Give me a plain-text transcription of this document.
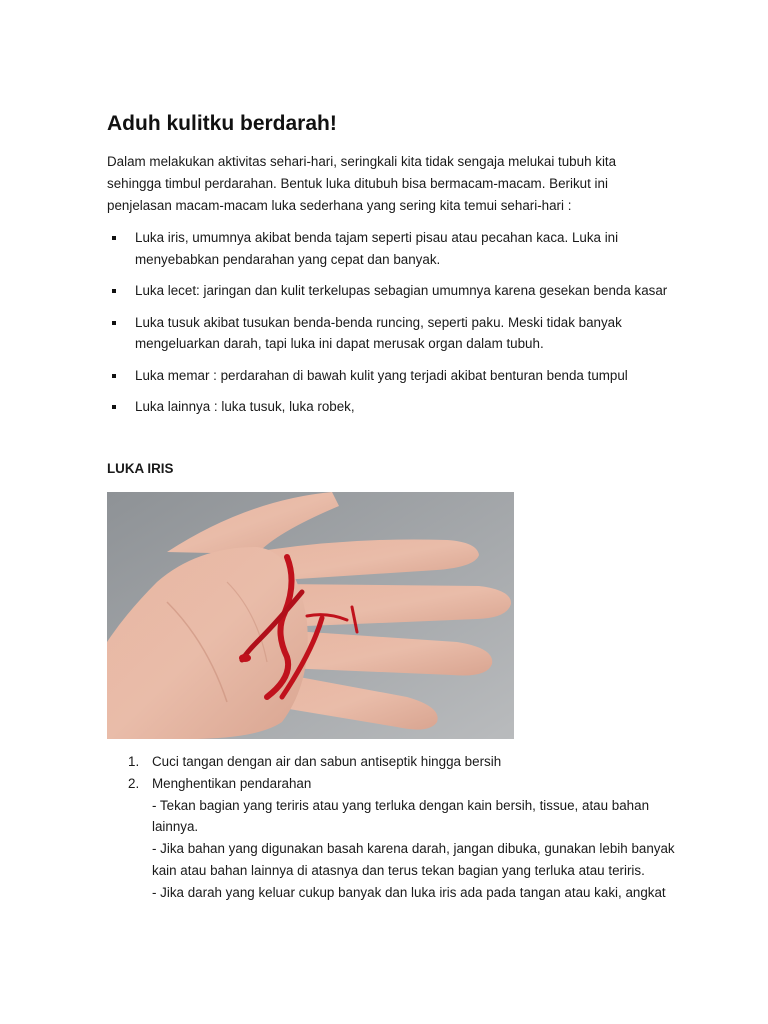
Aduh kulitku berdarah!

Dalam melakukan aktivitas sehari-hari, seringkali kita tidak sengaja melukai tubuh kita sehingga timbul perdarahan. Bentuk luka ditubuh bisa bermacam-macam. Berikut ini penjelasan macam-macam luka sederhana yang sering kita temui sehari-hari :

Luka iris, umumnya akibat benda tajam seperti pisau atau pecahan kaca. Luka ini menyebabkan pendarahan yang cepat dan banyak.
Luka lecet: jaringan dan kulit terkelupas sebagian umumnya karena gesekan benda kasar
Luka tusuk akibat tusukan benda-benda runcing, seperti paku. Meski tidak banyak mengeluarkan darah, tapi luka ini dapat merusak organ dalam tubuh.
Luka memar : perdarahan di bawah kulit yang terjadi akibat benturan benda tumpul
Luka lainnya : luka tusuk, luka robek,
LUKA IRIS
1. Cuci tangan dengan air dan sabun antiseptik hingga bersih
2. Menghentikan pendarahan
- Tekan bagian yang teriris atau yang terluka dengan kain bersih, tissue, atau bahan lainnya.
- Jika bahan yang digunakan basah karena darah, jangan dibuka, gunakan lebih banyak kain atau bahan lainnya di atasnya dan terus tekan bagian yang terluka atau teriris.
- Jika darah yang keluar cukup banyak dan luka iris ada pada tangan atau kaki, angkat
